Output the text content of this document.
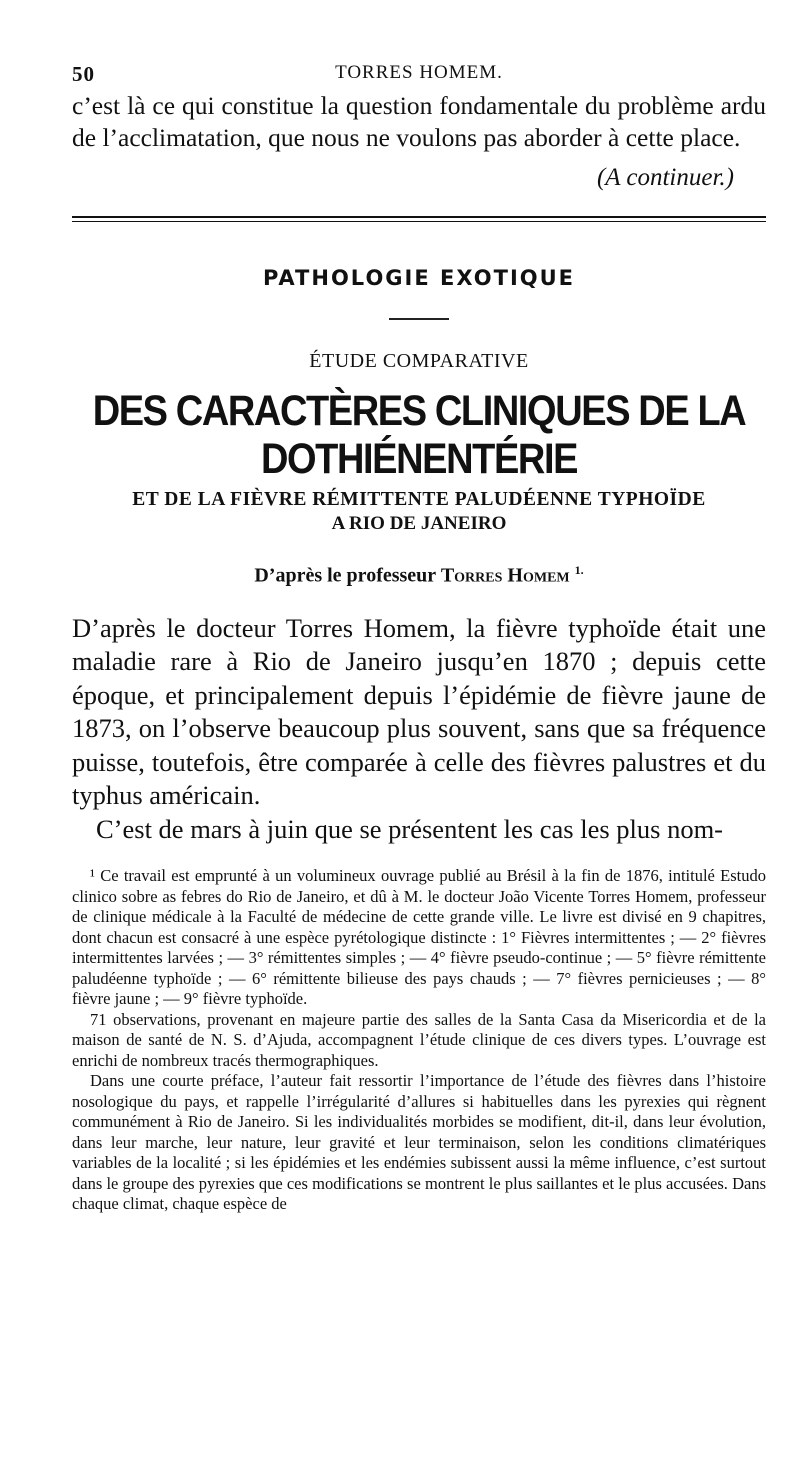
50	TORRES HOMEM.

c’est là ce qui constitue la question fondamentale du problème ardu de l’acclimatation, que nous ne voulons pas aborder à cette place.

(A continuer.)
PATHOLOGIE EXOTIQUE
ÉTUDE COMPARATIVE
DES CARACTÈRES CLINIQUES DE LA DOTHIÉNENTÉRIE
ET DE LA FIÈVRE RÉMITTENTE PALUDÉENNE TYPHOÏDE
A RIO DE JANEIRO
D’après le professeur Torres Homem $^{1.}$

D’après le docteur Torres Homem, la fièvre typhoïde était une maladie rare à Rio de Janeiro jusqu’en 1870 ; depuis cette époque, et principalement depuis l’épidémie de fièvre jaune de 1873, on l’observe beaucoup plus souvent, sans que sa fréquence puisse, toutefois, être comparée à celle des fièvres palustres et du typhus américain.

C’est de mars à juin que se présentent les cas les plus nom-

¹ Ce travail est emprunté à un volumineux ouvrage publié au Brésil à la fin de 1876, intitulé Estudo clinico sobre as febres do Rio de Janeiro, et dû à M. le docteur João Vicente Torres Homem, professeur de clinique médicale à la Faculté de médecine de cette grande ville. Le livre est divisé en 9 chapitres, dont chacun est consacré à une espèce pyrétologique distincte : 1° Fièvres intermittentes ; — 2° fièvres intermittentes larvées ; — 3° rémittentes simples ; — 4° fièvre pseudo-continue ; — 5° fièvre rémittente paludéenne typhoïde ; — 6° rémittente bilieuse des pays chauds ; — 7° fièvres pernicieuses ; — 8° fièvre jaune ; — 9° fièvre typhoïde.

71 observations, provenant en majeure partie des salles de la Santa Casa da Misericordia et de la maison de santé de N. S. d’Ajuda, accompagnent l’étude clinique de ces divers types. L’ouvrage est enrichi de nombreux tracés thermographiques.

Dans une courte préface, l’auteur fait ressortir l’importance de l’étude des fièvres dans l’histoire nosologique du pays, et rappelle l’irrégularité d’allures si habituelles dans les pyrexies qui règnent communément à Rio de Janeiro. Si les individualités morbides se modifient, dit-il, dans leur évolution, dans leur marche, leur nature, leur gravité et leur terminaison, selon les conditions climatériques variables de la localité ; si les épidémies et les endémies subissent aussi la même influence, c’est surtout dans le groupe des pyrexies que ces modifications se montrent le plus saillantes et le plus accusées. Dans chaque climat, chaque espèce de
